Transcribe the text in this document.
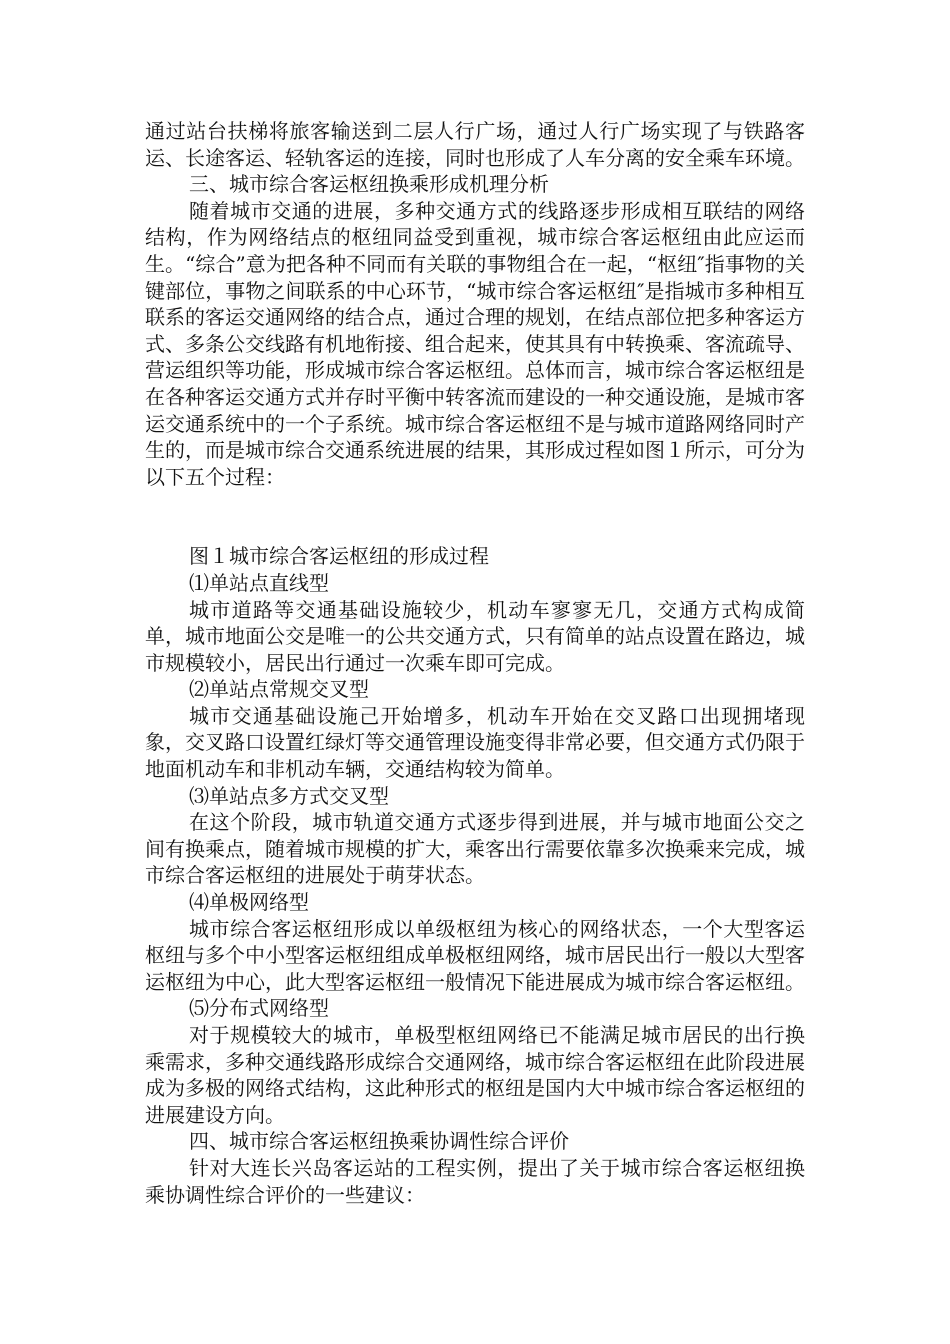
通过站台扶梯将旅客输送到二层人行广场，通过人行广场实现了与铁路客运、长途客运、轻轨客运的连接，同时也形成了人车分离的安全乘车环境。

三、城市综合客运枢纽换乘形成机理分析

随着城市交通的进展，多种交通方式的线路逐步形成相互联结的网络结构，作为网络结点的枢纽同益受到重视，城市综合客运枢纽由此应运而生。“综合”意为把各种不同而有关联的事物组合在一起，“枢纽″指事物的关键部位，事物之间联系的中心环节，“城市综合客运枢纽″是指城市多种相互联系的客运交通网络的结合点，通过合理的规划，在结点部位把多种客运方式、多条公交线路有机地衔接、组合起来，使其具有中转换乘、客流疏导、营运组织等功能，形成城市综合客运枢纽。总体而言，城市综合客运枢纽是在各种客运交通方式并存时平衡中转客流而建设的一种交通设施，是城市客运交通系统中的一个子系统。城市综合客运枢纽不是与城市道路网络同时产生的，而是城市综合交通系统进展的结果，其形成过程如图１所示，可分为以下五个过程：

图１城市综合客运枢纽的形成过程

⑴单站点直线型

城市道路等交通基础设施较少，机动车寥寥无几，交通方式构成简单，城市地面公交是唯一的公共交通方式，只有简单的站点设置在路边，城市规模较小，居民出行通过一次乘车即可完成。

⑵单站点常规交叉型

城市交通基础设施己开始增多，机动车开始在交叉路口出现拥堵现象，交叉路口设置红绿灯等交通管理设施变得非常必要，但交通方式仍限于地面机动车和非机动车辆，交通结构较为简单。

⑶单站点多方式交叉型

在这个阶段，城市轨道交通方式逐步得到进展，并与城市地面公交之间有换乘点，随着城市规模的扩大，乘客出行需要依靠多次换乘来完成，城市综合客运枢纽的进展处于萌芽状态。

⑷单极网络型

城市综合客运枢纽形成以单级枢纽为核心的网络状态，一个大型客运枢纽与多个中小型客运枢纽组成单极枢纽网络，城市居民出行一般以大型客运枢纽为中心，此大型客运枢纽一般情况下能进展成为城市综合客运枢纽。

⑸分布式网络型

对于规模较大的城市，单极型枢纽网络已不能满足城市居民的出行换乘需求，多种交通线路形成综合交通网络，城市综合客运枢纽在此阶段进展成为多极的网络式结构，这此种形式的枢纽是国内大中城市综合客运枢纽的进展建设方向。

四、城市综合客运枢纽换乘协调性综合评价

针对大连长兴岛客运站的工程实例，提出了关于城市综合客运枢纽换乘协调性综合评价的一些建议：
